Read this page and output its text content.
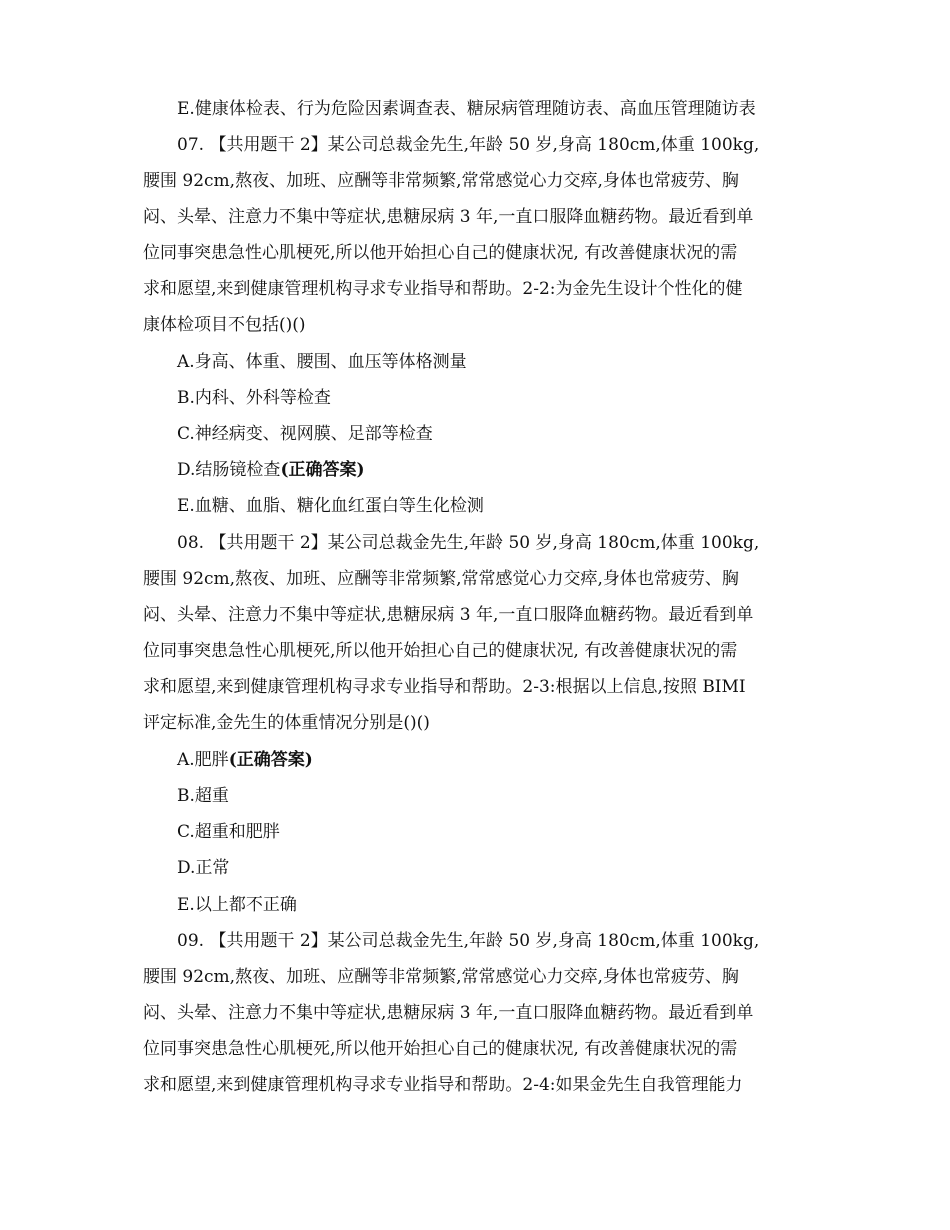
E.健康体检表、行为危险因素调查表、糖尿病管理随访表、高血压管理随访表
07. 【共用题干 2】某公司总裁金先生,年龄 50 岁,身高 180cm,体重 100kg,
腰围 92cm,熬夜、加班、应酬等非常频繁,常常感觉心力交瘁,身体也常疲劳、胸
闷、头晕、注意力不集中等症状,患糖尿病 3 年,一直口服降血糖药物。最近看到单
位同事突患急性心肌梗死,所以他开始担心自己的健康状况, 有改善健康状况的需
求和愿望,来到健康管理机构寻求专业指导和帮助。2-2:为金先生设计个性化的健
康体检项目不包括()()
A.身高、体重、腰围、血压等体格测量
B.内科、外科等检查
C.神经病变、视网膜、足部等检查
D.结肠镜检查(正确答案)
E.血糖、血脂、糖化血红蛋白等生化检测
08. 【共用题干 2】某公司总裁金先生,年龄 50 岁,身高 180cm,体重 100kg,
腰围 92cm,熬夜、加班、应酬等非常频繁,常常感觉心力交瘁,身体也常疲劳、胸
闷、头晕、注意力不集中等症状,患糖尿病 3 年,一直口服降血糖药物。最近看到单
位同事突患急性心肌梗死,所以他开始担心自己的健康状况, 有改善健康状况的需
求和愿望,来到健康管理机构寻求专业指导和帮助。2-3:根据以上信息,按照 BIMI
评定标准,金先生的体重情况分别是()()
A.肥胖(正确答案)
B.超重
C.超重和肥胖
D.正常
E.以上都不正确
09. 【共用题干 2】某公司总裁金先生,年龄 50 岁,身高 180cm,体重 100kg,
腰围 92cm,熬夜、加班、应酬等非常频繁,常常感觉心力交瘁,身体也常疲劳、胸
闷、头晕、注意力不集中等症状,患糖尿病 3 年,一直口服降血糖药物。最近看到单
位同事突患急性心肌梗死,所以他开始担心自己的健康状况, 有改善健康状况的需
求和愿望,来到健康管理机构寻求专业指导和帮助。2-4:如果金先生自我管理能力
